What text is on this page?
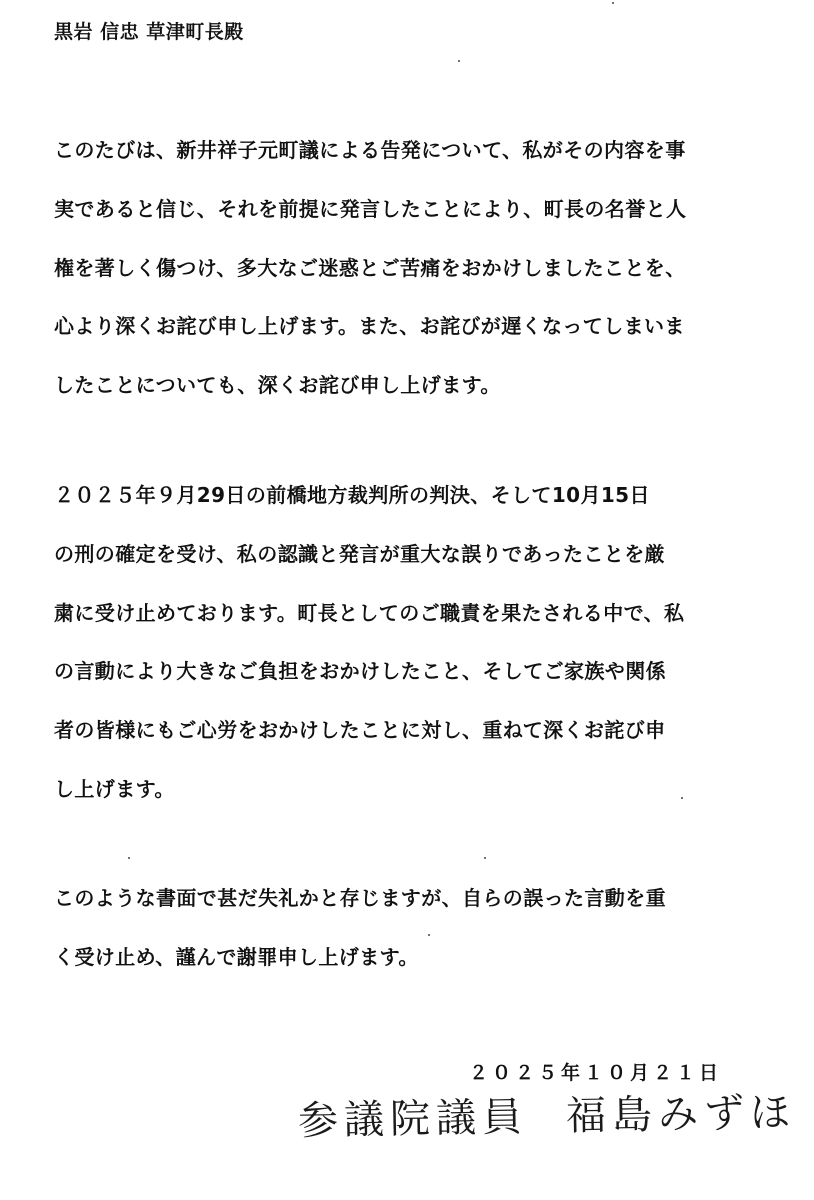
黒岩 信忠 草津町長殿
このたびは、新井祥子元町議による告発について、私がその内容を事
実であると信じ、それを前提に発言したことにより、町長の名誉と人
権を著しく傷つけ、多大なご迷惑とご苦痛をおかけしましたことを、
心より深くお詫び申し上げます。また、お詫びが遅くなってしまいま
したことについても、深くお詫び申し上げます。
２０２５年９月29日の前橋地方裁判所の判決、そして10月15日
の刑の確定を受け、私の認識と発言が重大な誤りであったことを厳
粛に受け止めております。町長としてのご職責を果たされる中で、私
の言動により大きなご負担をおかけしたこと、そしてご家族や関係
者の皆様にもご心労をおかけしたことに対し、重ねて深くお詫び申
し上げます。
このような書面で甚だ失礼かと存じますが、自らの誤った言動を重
く受け止め、謹んで謝罪申し上げます。
２０２５年１０月２１日
参議院議員 福島みずほ
